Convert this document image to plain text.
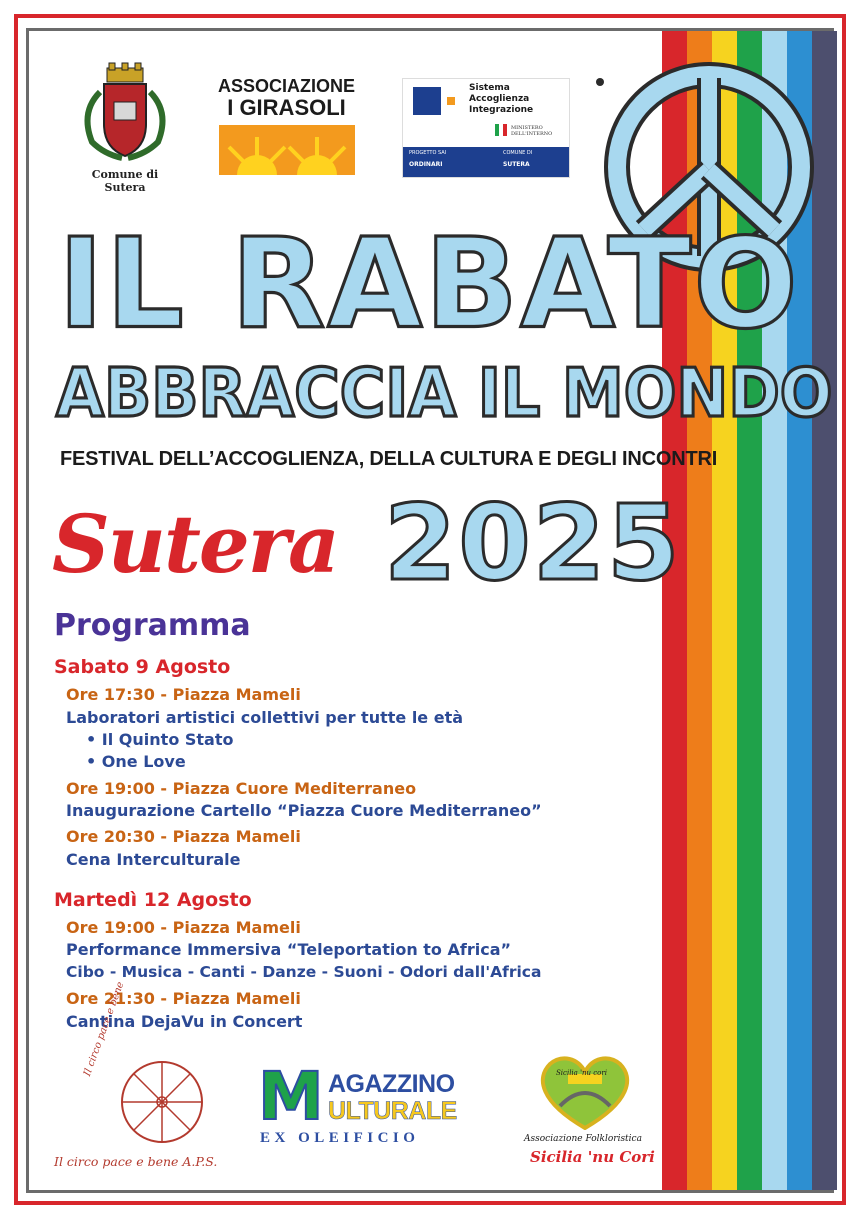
Comune di Sutera
ASSOCIAZIONE
I GIRASOLI
Sistema
Accoglienza
Integrazione
MINISTERO DELL'INTERNO
PROGETTO SAI
ORDINARI
COMUNE DI
SUTERA
IL RABATO
ABBRACCIA IL MONDO
FESTIVAL DELL’ACCOGLIENZA, DELLA CULTURA E DEGLI INCONTRI
Sutera 2025
Programma
Sabato 9 Agosto
Ore 17:30 - Piazza Mameli
Laboratori artistici collettivi per tutte le età
• Il Quinto Stato
• One Love
Ore 19:00 - Piazza Cuore Mediterraneo
Inaugurazione Cartello “Piazza Cuore Mediterraneo”
Ore 20:30 - Piazza Mameli
Cena Interculturale
Martedì 12 Agosto
Ore 19:00 - Piazza Mameli
Performance Immersiva “Teleportation to Africa”
Cibo - Musica - Canti - Danze - Suoni - Odori dall'Africa
Ore 21:30 - Piazza Mameli
Cantina DejaVu in Concert
Il circo pace e bene
Il circo pace e bene A.P.S.
M AGAZZINO
ULTURALE
EX OLEIFICIO
Sicilia 'nu cori
Associazione Folkloristica
Sicilia 'nu Cori
